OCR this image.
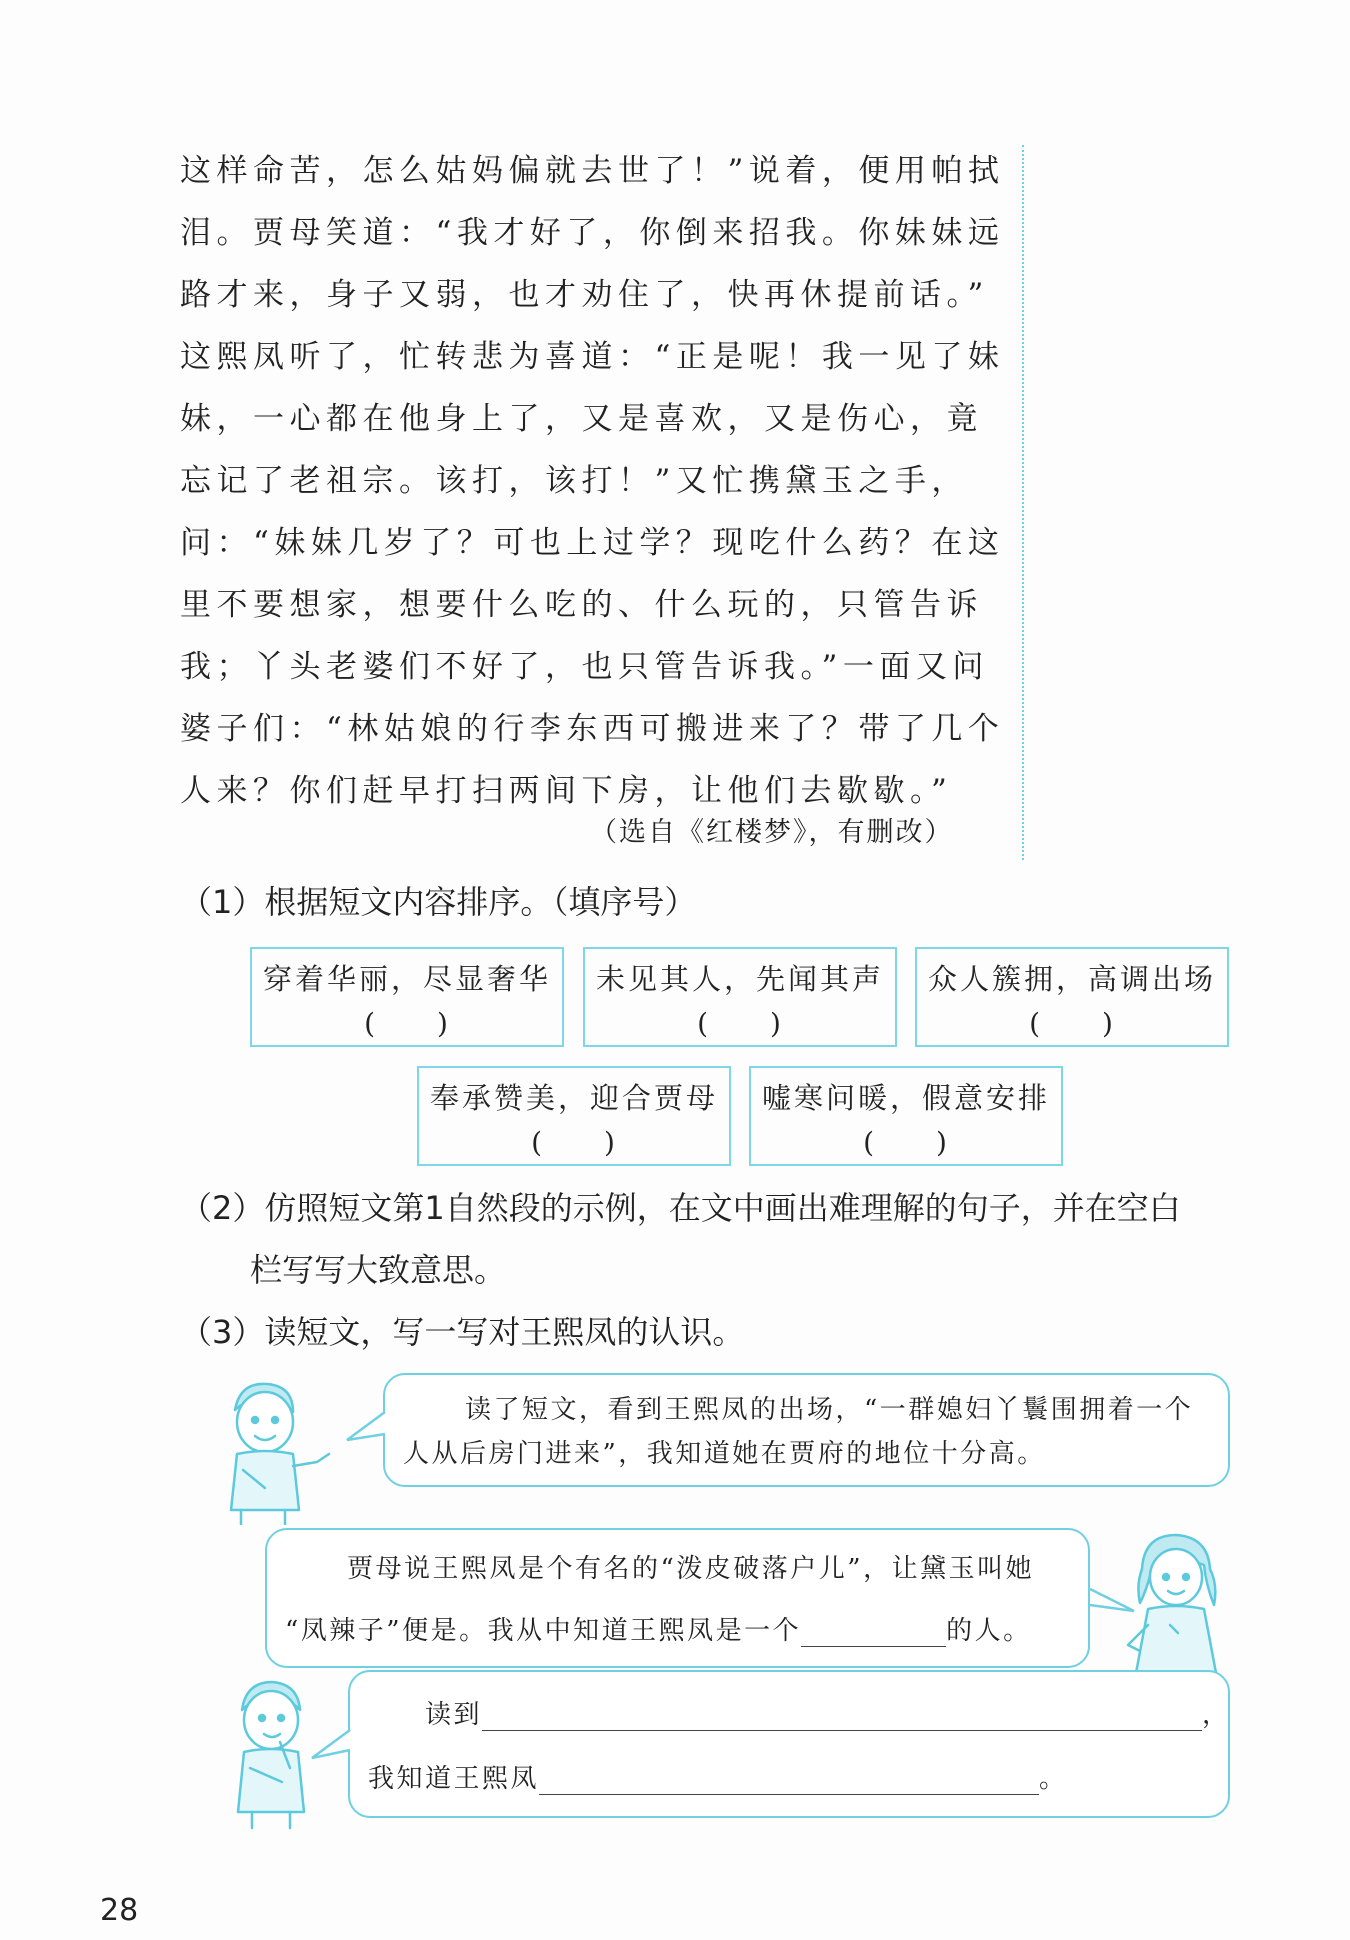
这样命苦，怎么姑妈偏就去世了！”说着，便用帕拭
泪。贾母笑道：“我才好了，你倒来招我。你妹妹远
路才来，身子又弱，也才劝住了，快再休提前话。”
这熙凤听了，忙转悲为喜道：“正是呢！我一见了妹
妹，一心都在他身上了，又是喜欢，又是伤心，竟
忘记了老祖宗。该打，该打！”又忙携黛玉之手，
问：“妹妹几岁了？可也上过学？现吃什么药？在这
里不要想家，想要什么吃的、什么玩的，只管告诉
我；丫头老婆们不好了，也只管告诉我。”一面又问
婆子们：“林姑娘的行李东西可搬进来了？带了几个
人来？你们赶早打扫两间下房，让他们去歇歇。”
（选自《红楼梦》，有删改）
（1）根据短文内容排序。（填序号）
穿着华丽，尽显奢华
(　　)
未见其人，先闻其声
(　　)
众人簇拥，高调出场
(　　)
奉承赞美，迎合贾母
(　　)
嘘寒问暖，假意安排
(　　)
（2）仿照短文第1自然段的示例，在文中画出难理解的句子，并在空白
栏写写大致意思。
（3）读短文，写一写对王熙凤的认识。
读了短文，看到王熙凤的出场，“一群媳妇丫鬟围拥着一个
人从后房门进来”，我知道她在贾府的地位十分高。
贾母说王熙凤是个有名的“泼皮破落户儿”，让黛玉叫她
“凤辣子”便是。我从中知道王熙凤是一个	的人。
读到	，
我知道王熙凤	。
28
